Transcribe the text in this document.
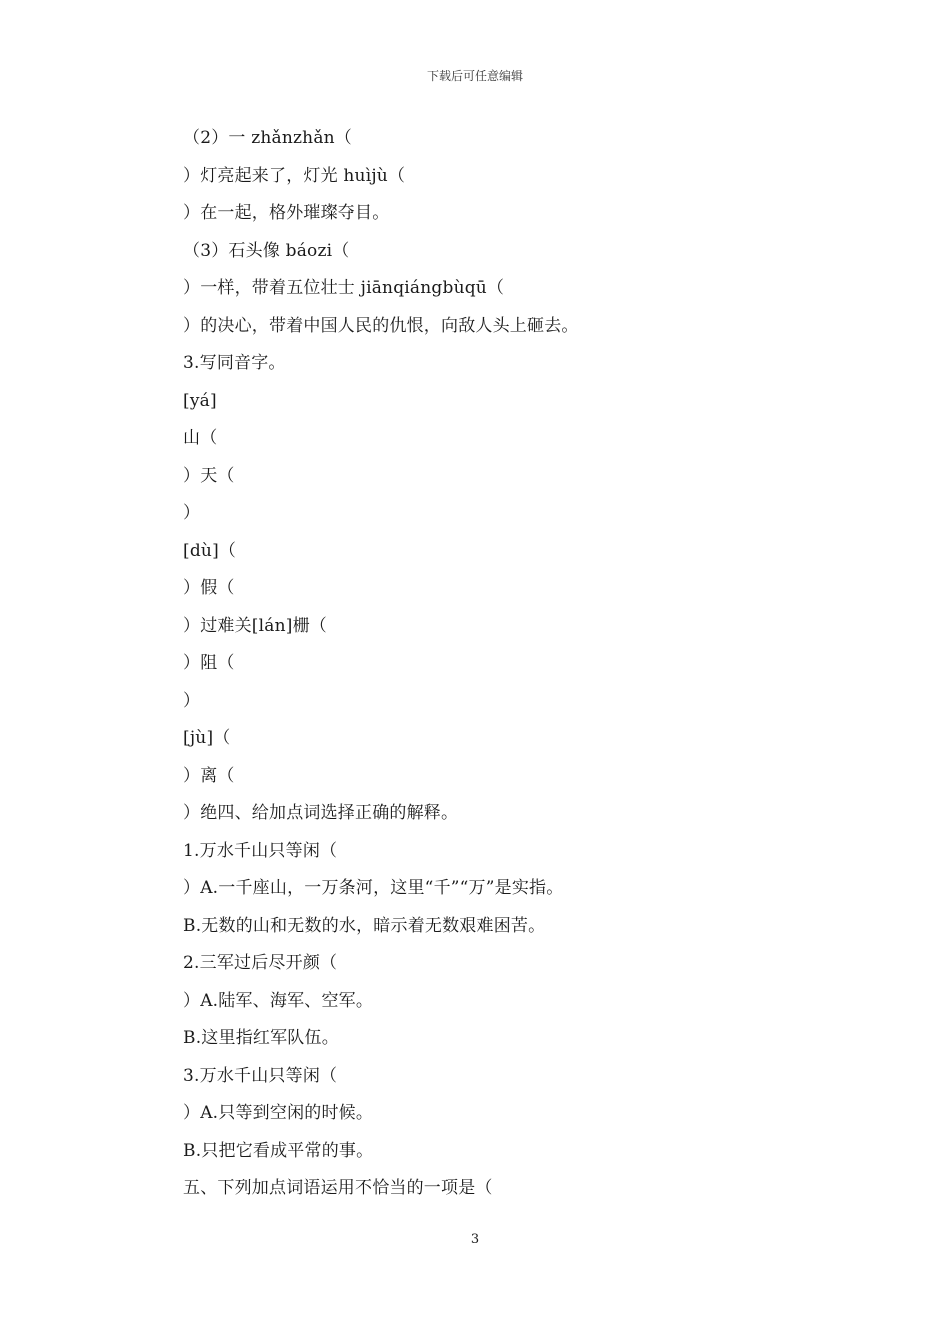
下载后可任意编辑
（2）一 zhǎnzhǎn（
）灯亮起来了，灯光 huìjù（
）在一起，格外璀璨夺目。
（3）石头像 báozi（
）一样，带着五位壮士 jiānqiángbùqū（
）的决心，带着中国人民的仇恨，向敌人头上砸去。
3.写同音字。
[yá]
山（
）天（
）
[dù]（
）假（
）过难关[lán]栅（
）阻（
）
[jù]（
）离（
）绝四、给加点词选择正确的解释。
1.万水千山只等闲（
）A.一千座山，一万条河，这里“千”“万”是实指。
B.无数的山和无数的水，暗示着无数艰难困苦。
2.三军过后尽开颜（
）A.陆军、海军、空军。
B.这里指红军队伍。
3.万水千山只等闲（
）A.只等到空闲的时候。
B.只把它看成平常的事。
五、下列加点词语运用不恰当的一项是（
3
